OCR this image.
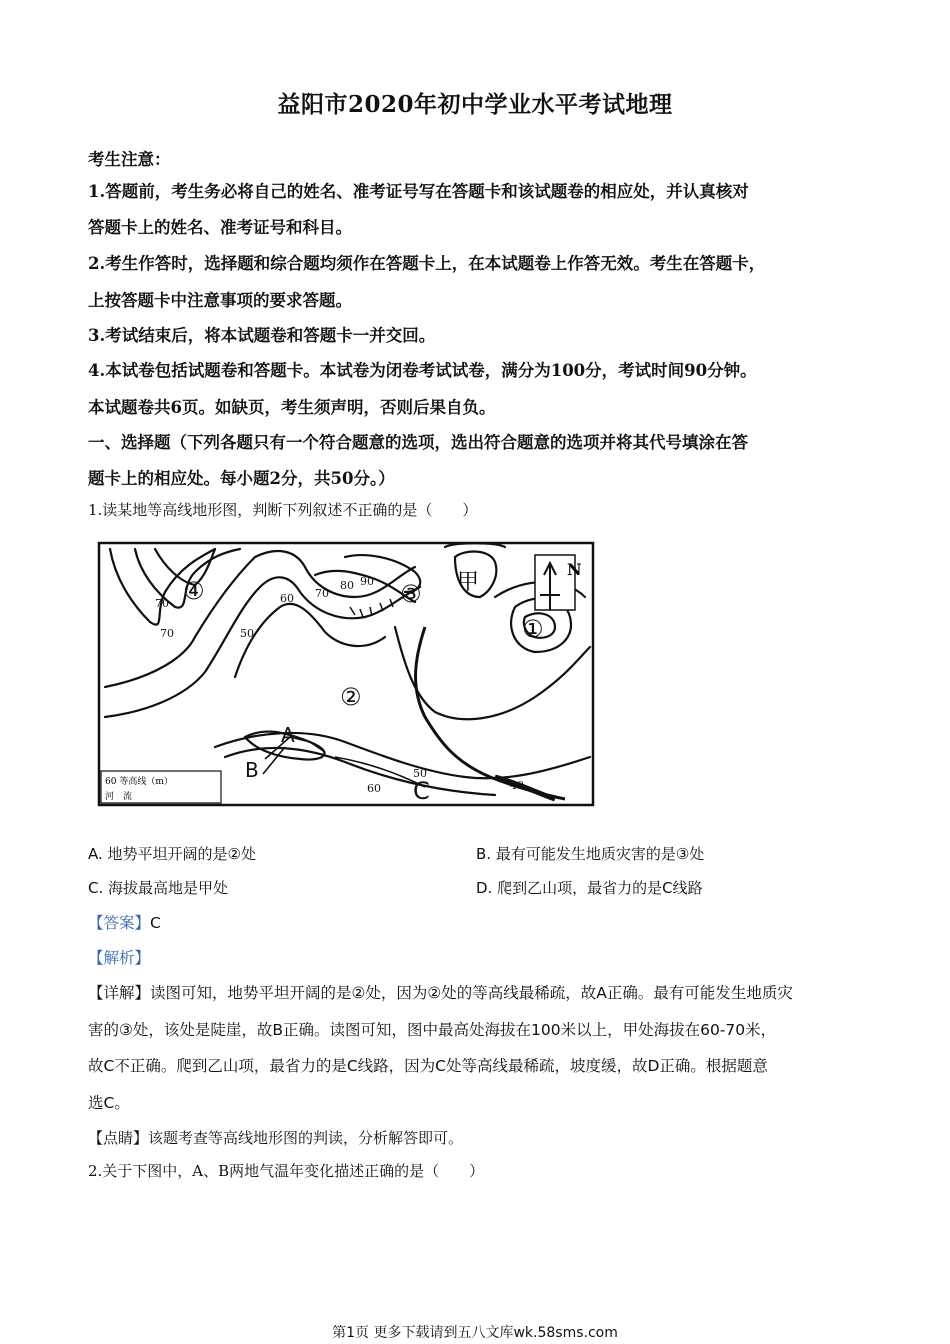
益阳市2020年初中学业水平考试地理
考生注意：
1.答题前，考生务必将自己的姓名、准考证号写在答题卡和该试题卷的相应处，并认真核对
答题卡上的姓名、准考证号和科目。
2.考生作答时，选择题和综合题均须作在答题卡上，在本试题卷上作答无效。考生在答题卡，
上按答题卡中注意事项的要求答题。
3.考试结束后，将本试题卷和答题卡一并交回。
4.本试卷包括试题卷和答题卡。本试卷为闭卷考试试卷，满分为100分，考试时间90分钟。
本试题卷共6页。如缺页，考生须声明，否则后果自负。
一、选择题（下列各题只有一个符合题意的选项，选出符合题意的选项并将其代号填涂在答
题卡上的相应处。每小题2分，共50分。）
1.读某地等高线地形图，判断下列叙述不正确的是（　　）
N
70
70	50
60 70
80 90
50
60	40
④
②
③
①
甲
A
B
C
60 等高线（m）
河　流
A. 地势平坦开阔的是②处	B. 最有可能发生地质灾害的是③处
C. 海拔最高地是甲处	D. 爬到乙山项，最省力的是C线路
【答案】C
【解析】
【详解】读图可知，地势平坦开阔的是②处，因为②处的等高线最稀疏，故A正确。最有可能发生地质灾
害的③处，该处是陡崖，故B正确。读图可知，图中最高处海拔在100米以上，甲处海拔在60-70米，
故C不正确。爬到乙山项，最省力的是C线路，因为C处等高线最稀疏，坡度缓，故D正确。根据题意
选C。
【点睛】该题考查等高线地形图的判读，分析解答即可。
2.关于下图中，A、B两地气温年变化描述正确的是（　　）
第1页 更多下载请到五八文库wk.58sms.com
